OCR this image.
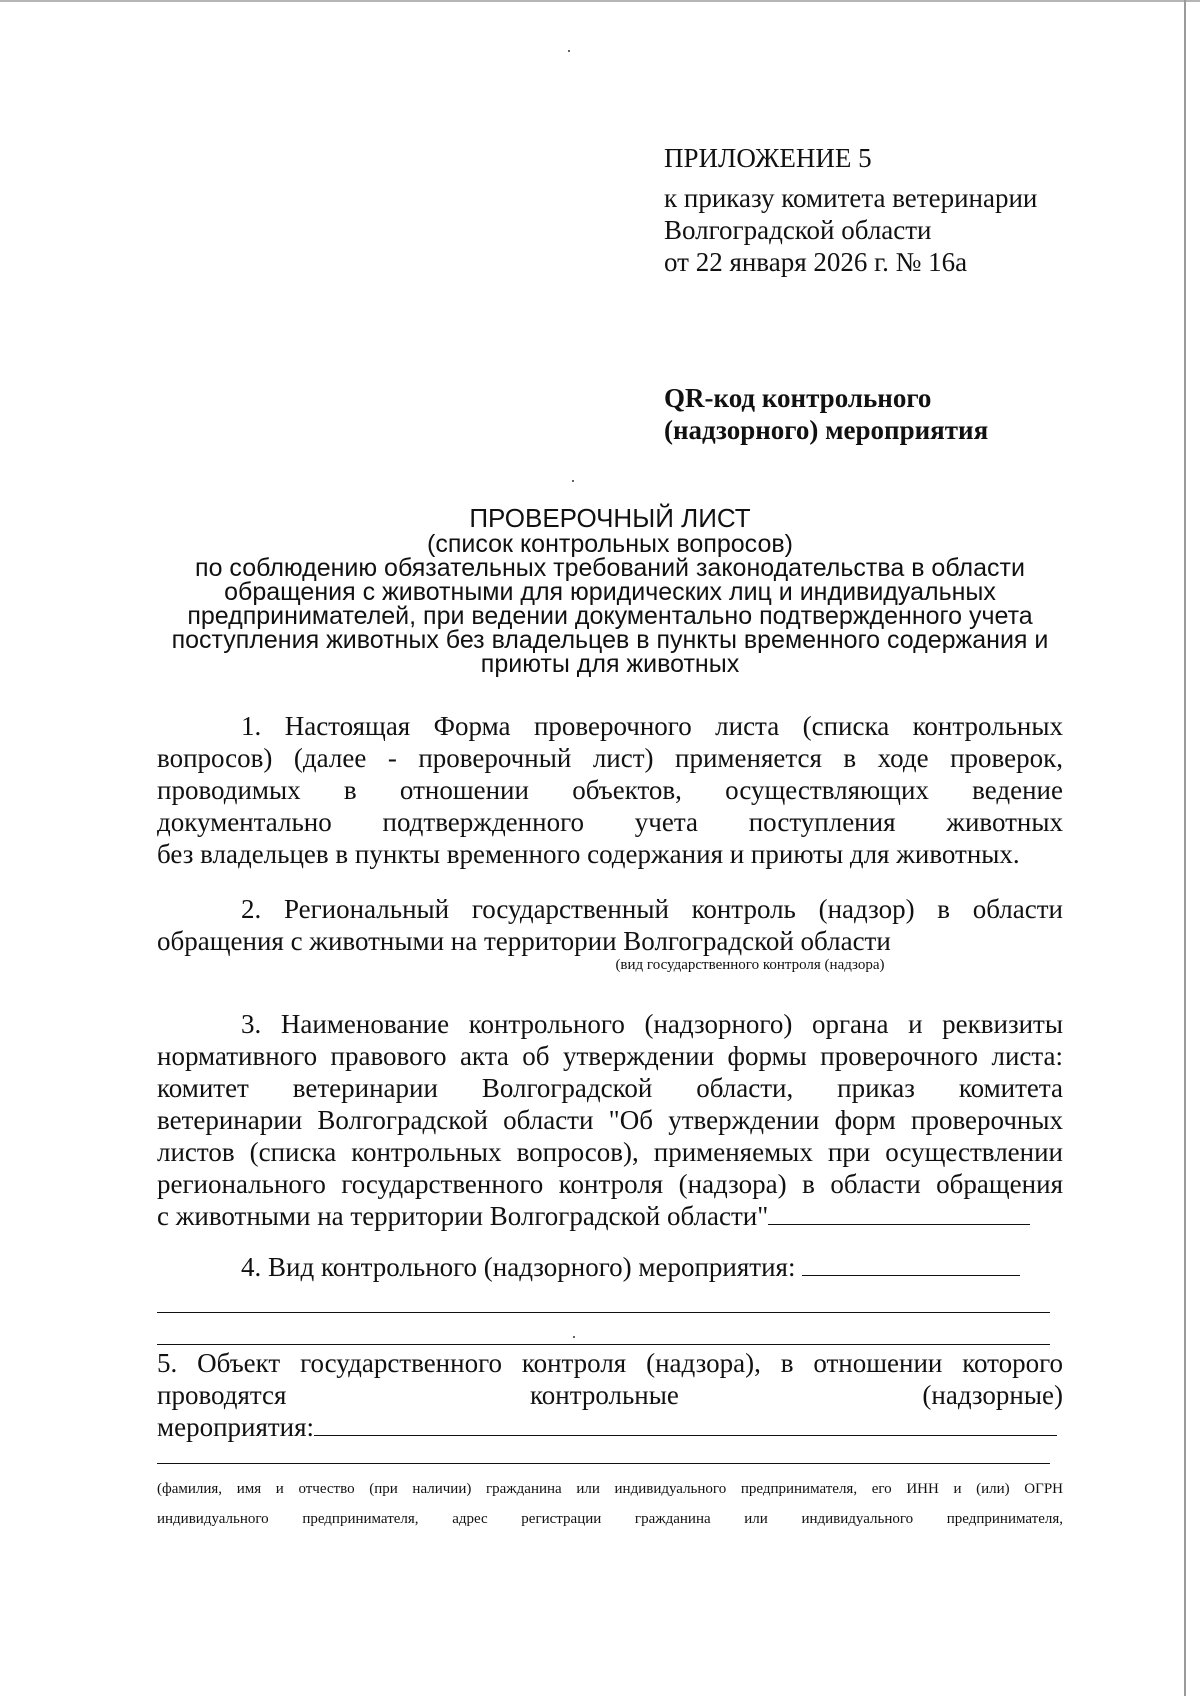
ПРИЛОЖЕНИЕ 5
к приказу комитета ветеринарии
Волгоградской области
от 22 января 2026 г. № 16а
QR-код контрольного
(надзорного) мероприятия
ПРОВЕРОЧНЫЙ ЛИСТ
(список контрольных вопросов)
по соблюдению обязательных требований законодательства в области
обращения с животными для юридических лиц и индивидуальных
предпринимателей, при ведении документально подтвержденного учета
поступления животных без владельцев в пункты временного содержания и
приюты для животных
1. Настоящая Форма проверочного листа (списка контрольных
вопросов) (далее - проверочный лист) применяется в ходе проверок,
проводимых в отношении объектов, осуществляющих ведение
документально подтвержденного учета поступления животных
без владельцев в пункты временного содержания и приюты для животных.
2. Региональный государственный контроль (надзор) в области
обращения с животными на территории Волгоградской области
(вид государственного контроля (надзора)
3. Наименование контрольного (надзорного) органа и реквизиты
нормативного правового акта об утверждении формы проверочного листа:
комитет ветеринарии Волгоградской области, приказ комитета
ветеринарии Волгоградской области "Об утверждении форм проверочных
листов (списка контрольных вопросов), применяемых при осуществлении
регионального государственного контроля (надзора) в области обращения
с животными на территории Волгоградской области"
4. Вид контрольного (надзорного) мероприятия:
5. Объект государственного контроля (надзора), в отношении которого
проводятся контрольные (надзорные)
мероприятия:
(фамилия, имя и отчество (при наличии) гражданина или индивидуального предпринимателя, его ИНН и (или) ОГРН
индивидуального предпринимателя, адрес регистрации гражданина или индивидуального предпринимателя,
